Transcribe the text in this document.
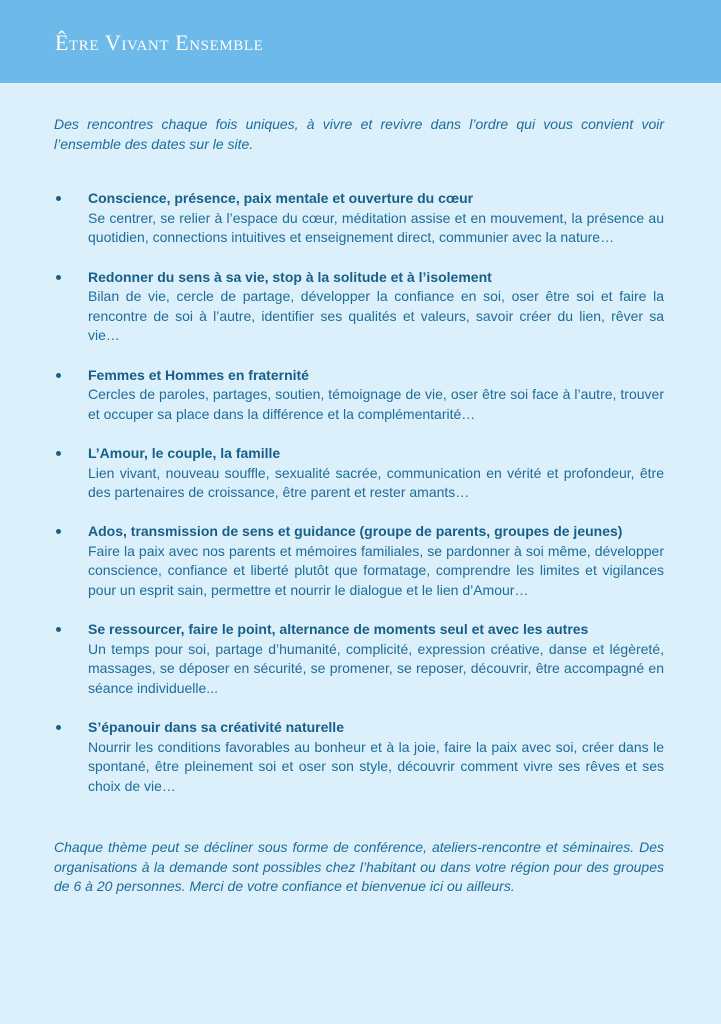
Être Vivant Ensemble

Des rencontres chaque fois uniques, à vivre et revivre dans l’ordre qui vous convient voir l’ensemble des dates sur le site.

Conscience, présence, paix mentale et ouverture du cœur
Se centrer, se relier à l’espace du cœur, méditation assise et en mouvement, la présence au quotidien, connections intuitives et enseignement direct, communier avec la nature…
Redonner du sens à sa vie, stop à la solitude et à l’isolement
Bilan de vie, cercle de partage, développer la confiance en soi, oser être soi et faire la rencontre de soi à l’autre, identifier ses qualités et valeurs, savoir créer du lien, rêver sa vie…
Femmes et Hommes en fraternité
Cercles de paroles, partages, soutien, témoignage de vie, oser être soi face à l’autre, trouver et occuper sa place dans la différence et la complémentarité…
L’Amour, le couple, la famille
Lien vivant, nouveau souffle, sexualité sacrée, communication en vérité et profondeur, être des partenaires de croissance, être parent et rester amants…
Ados, transmission de sens et guidance (groupe de parents, groupes de jeunes)
Faire la paix avec nos parents et mémoires familiales, se pardonner à soi même, développer conscience, confiance et liberté plutôt que formatage, comprendre les limites et vigilances pour un esprit sain, permettre et nourrir le dialogue et le lien d’Amour…
Se ressourcer, faire le point, alternance de moments seul et avec les autres
Un temps pour soi, partage d’humanité, complicité, expression créative, danse et légèreté, massages, se déposer en sécurité, se promener, se reposer, découvrir, être accompagné en séance individuelle...
S’épanouir dans sa créativité naturelle
Nourrir les conditions favorables au bonheur et à la joie, faire la paix avec soi, créer dans le spontané, être pleinement soi et oser son style, découvrir comment vivre ses rêves et ses choix de vie…

Chaque thème peut se décliner sous forme de conférence, ateliers-rencontre et séminaires. Des organisations à la demande sont possibles chez l’habitant ou dans votre région pour des groupes de 6 à 20 personnes. Merci de votre confiance et bienvenue ici ou ailleurs.
